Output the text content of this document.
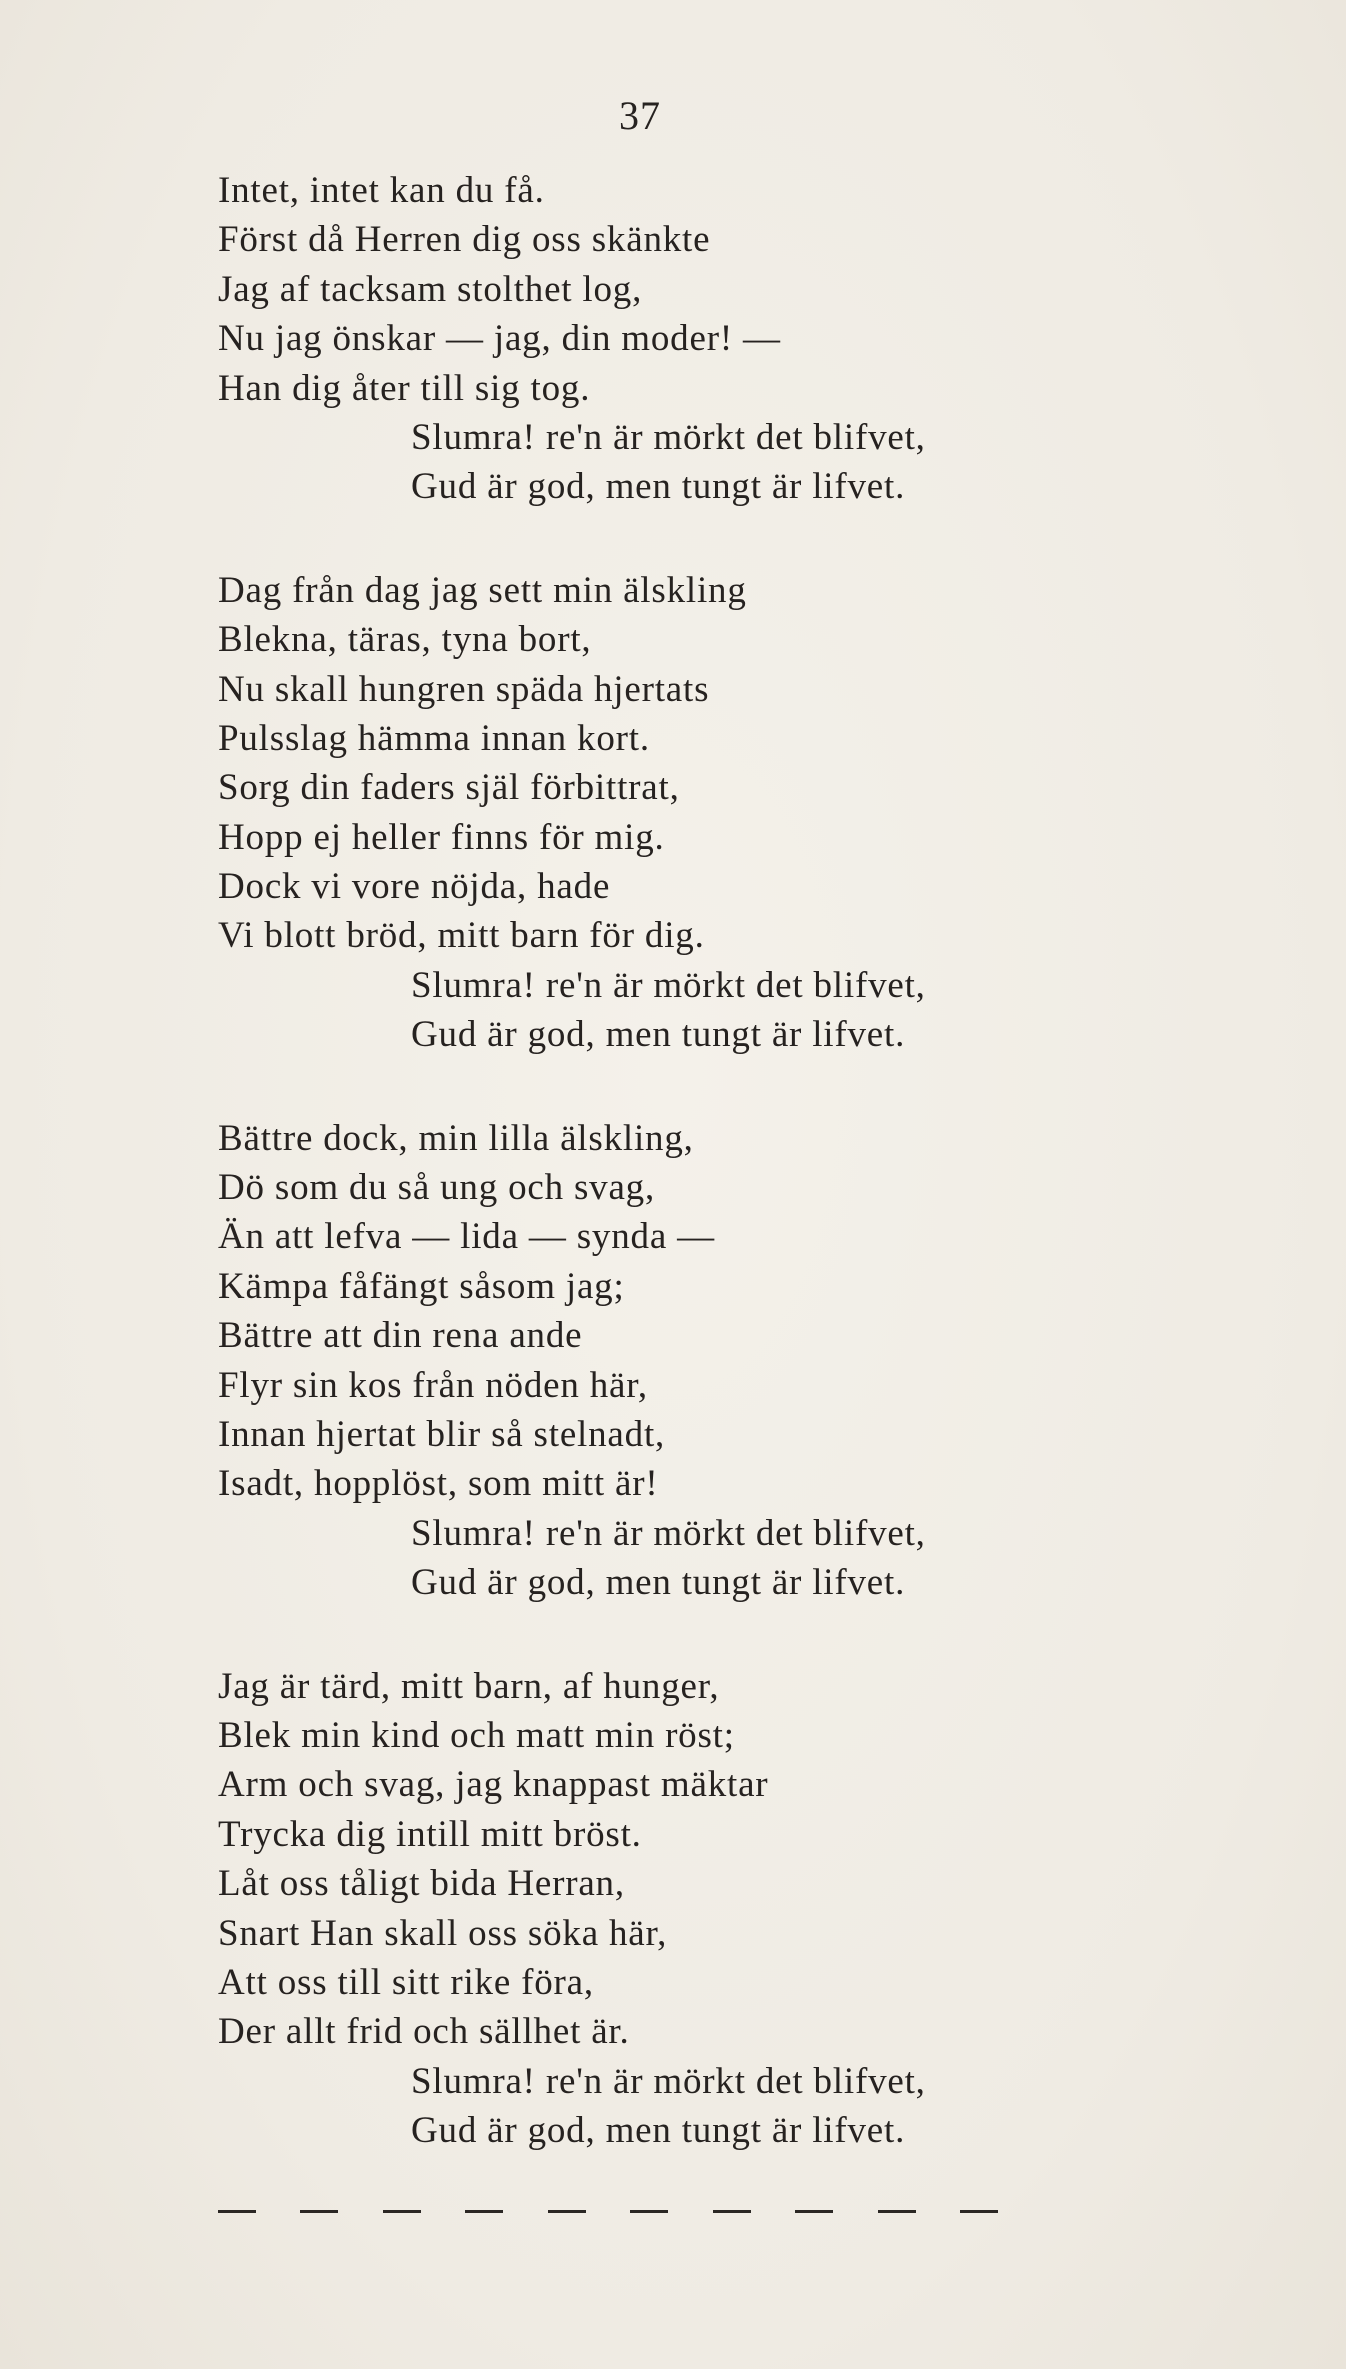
37
Intet, intet kan du få.
Först då Herren dig oss skänkte
Jag af tacksam stolthet log,
Nu jag önskar — jag, din moder! —
Han dig åter till sig tog.
Slumra! re'n är mörkt det blifvet,
Gud är god, men tungt är lifvet.
Dag från dag jag sett min älskling
Blekna, täras, tyna bort,
Nu skall hungren späda hjertats
Pulsslag hämma innan kort.
Sorg din faders själ förbittrat,
Hopp ej heller finns för mig.
Dock vi vore nöjda, hade
Vi blott bröd, mitt barn för dig.
Slumra! re'n är mörkt det blifvet,
Gud är god, men tungt är lifvet.
Bättre dock, min lilla älskling,
Dö som du så ung och svag,
Än att lefva — lida — synda —
Kämpa fåfängt såsom jag;
Bättre att din rena ande
Flyr sin kos från nöden här,
Innan hjertat blir så stelnadt,
Isadt, hopplöst, som mitt är!
Slumra! re'n är mörkt det blifvet,
Gud är god, men tungt är lifvet.
Jag är tärd, mitt barn, af hunger,
Blek min kind och matt min röst;
Arm och svag, jag knappast mäktar
Trycka dig intill mitt bröst.
Låt oss tåligt bida Herran,
Snart Han skall oss söka här,
Att oss till sitt rike föra,
Der allt frid och sällhet är.
Slumra! re'n är mörkt det blifvet,
Gud är god, men tungt är lifvet.
